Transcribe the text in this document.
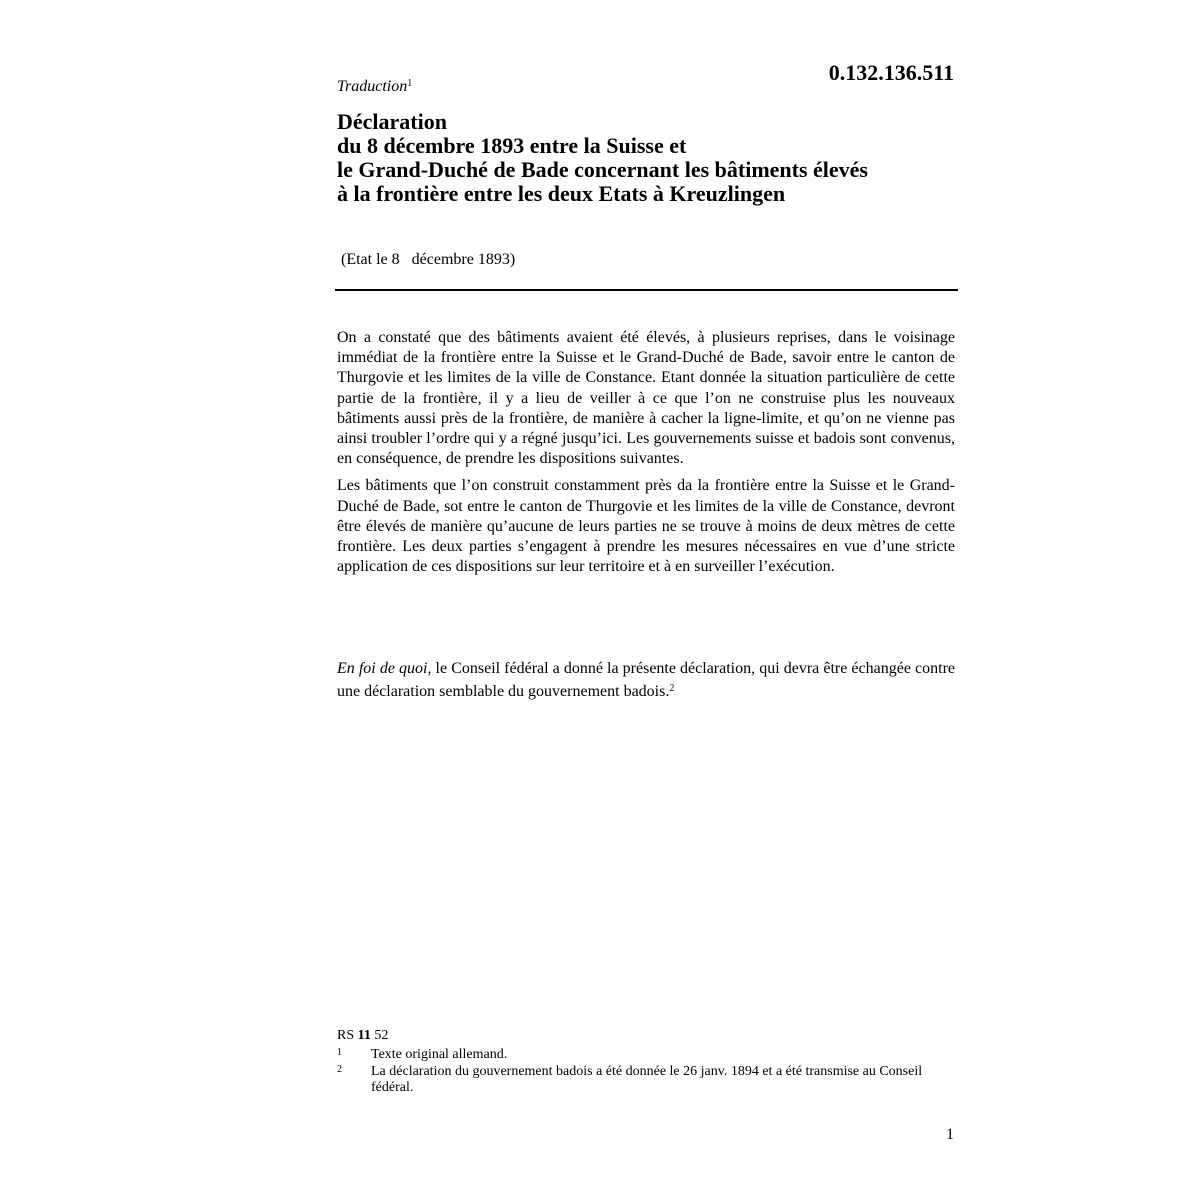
Traduction$^1$	0.132.136.511
Déclaration
du 8 décembre 1893 entre la Suisse et
le Grand-Duché de Bade concernant les bâtiments élevés
à la frontière entre les deux Etats à Kreuzlingen
(Etat le 8   décembre 1893)

On a constaté que des bâtiments avaient été élevés, à plusieurs reprises, dans le voisinage immédiat de la frontière entre la Suisse et le Grand-Duché de Bade, savoir entre le canton de Thurgovie et les limites de la ville de Constance. Etant donnée la situation particulière de cette partie de la frontière, il y a lieu de veiller à ce que l’on ne construise plus les nouveaux bâtiments aussi près de la frontière, de manière à cacher la ligne-limite, et qu’on ne vienne pas ainsi troubler l’ordre qui y a régné jusqu’ici. Les gouvernements suisse et badois sont convenus, en conséquence, de prendre les dispositions suivantes.

Les bâtiments que l’on construit constamment près da la frontière entre la Suisse et le Grand-Duché de Bade, sot entre le canton de Thurgovie et les limites de la ville de Constance, devront être élevés de manière qu’aucune de leurs parties ne se trouve à moins de deux mètres de cette frontière. Les deux parties s’engagent à prendre les mesures nécessaires en vue d’une stricte application de ces dispositions sur leur territoire et à en surveiller l’exécution.

En foi de quoi, le Conseil fédéral a donné la présente déclaration, qui devra être échangée contre une déclaration semblable du gouvernement badois.$^2$

RS 11 52
1 Texte original allemand.
2 La déclaration du gouvernement badois a été donnée le 26 janv. 1894 et a été transmise au Conseil fédéral.
1
